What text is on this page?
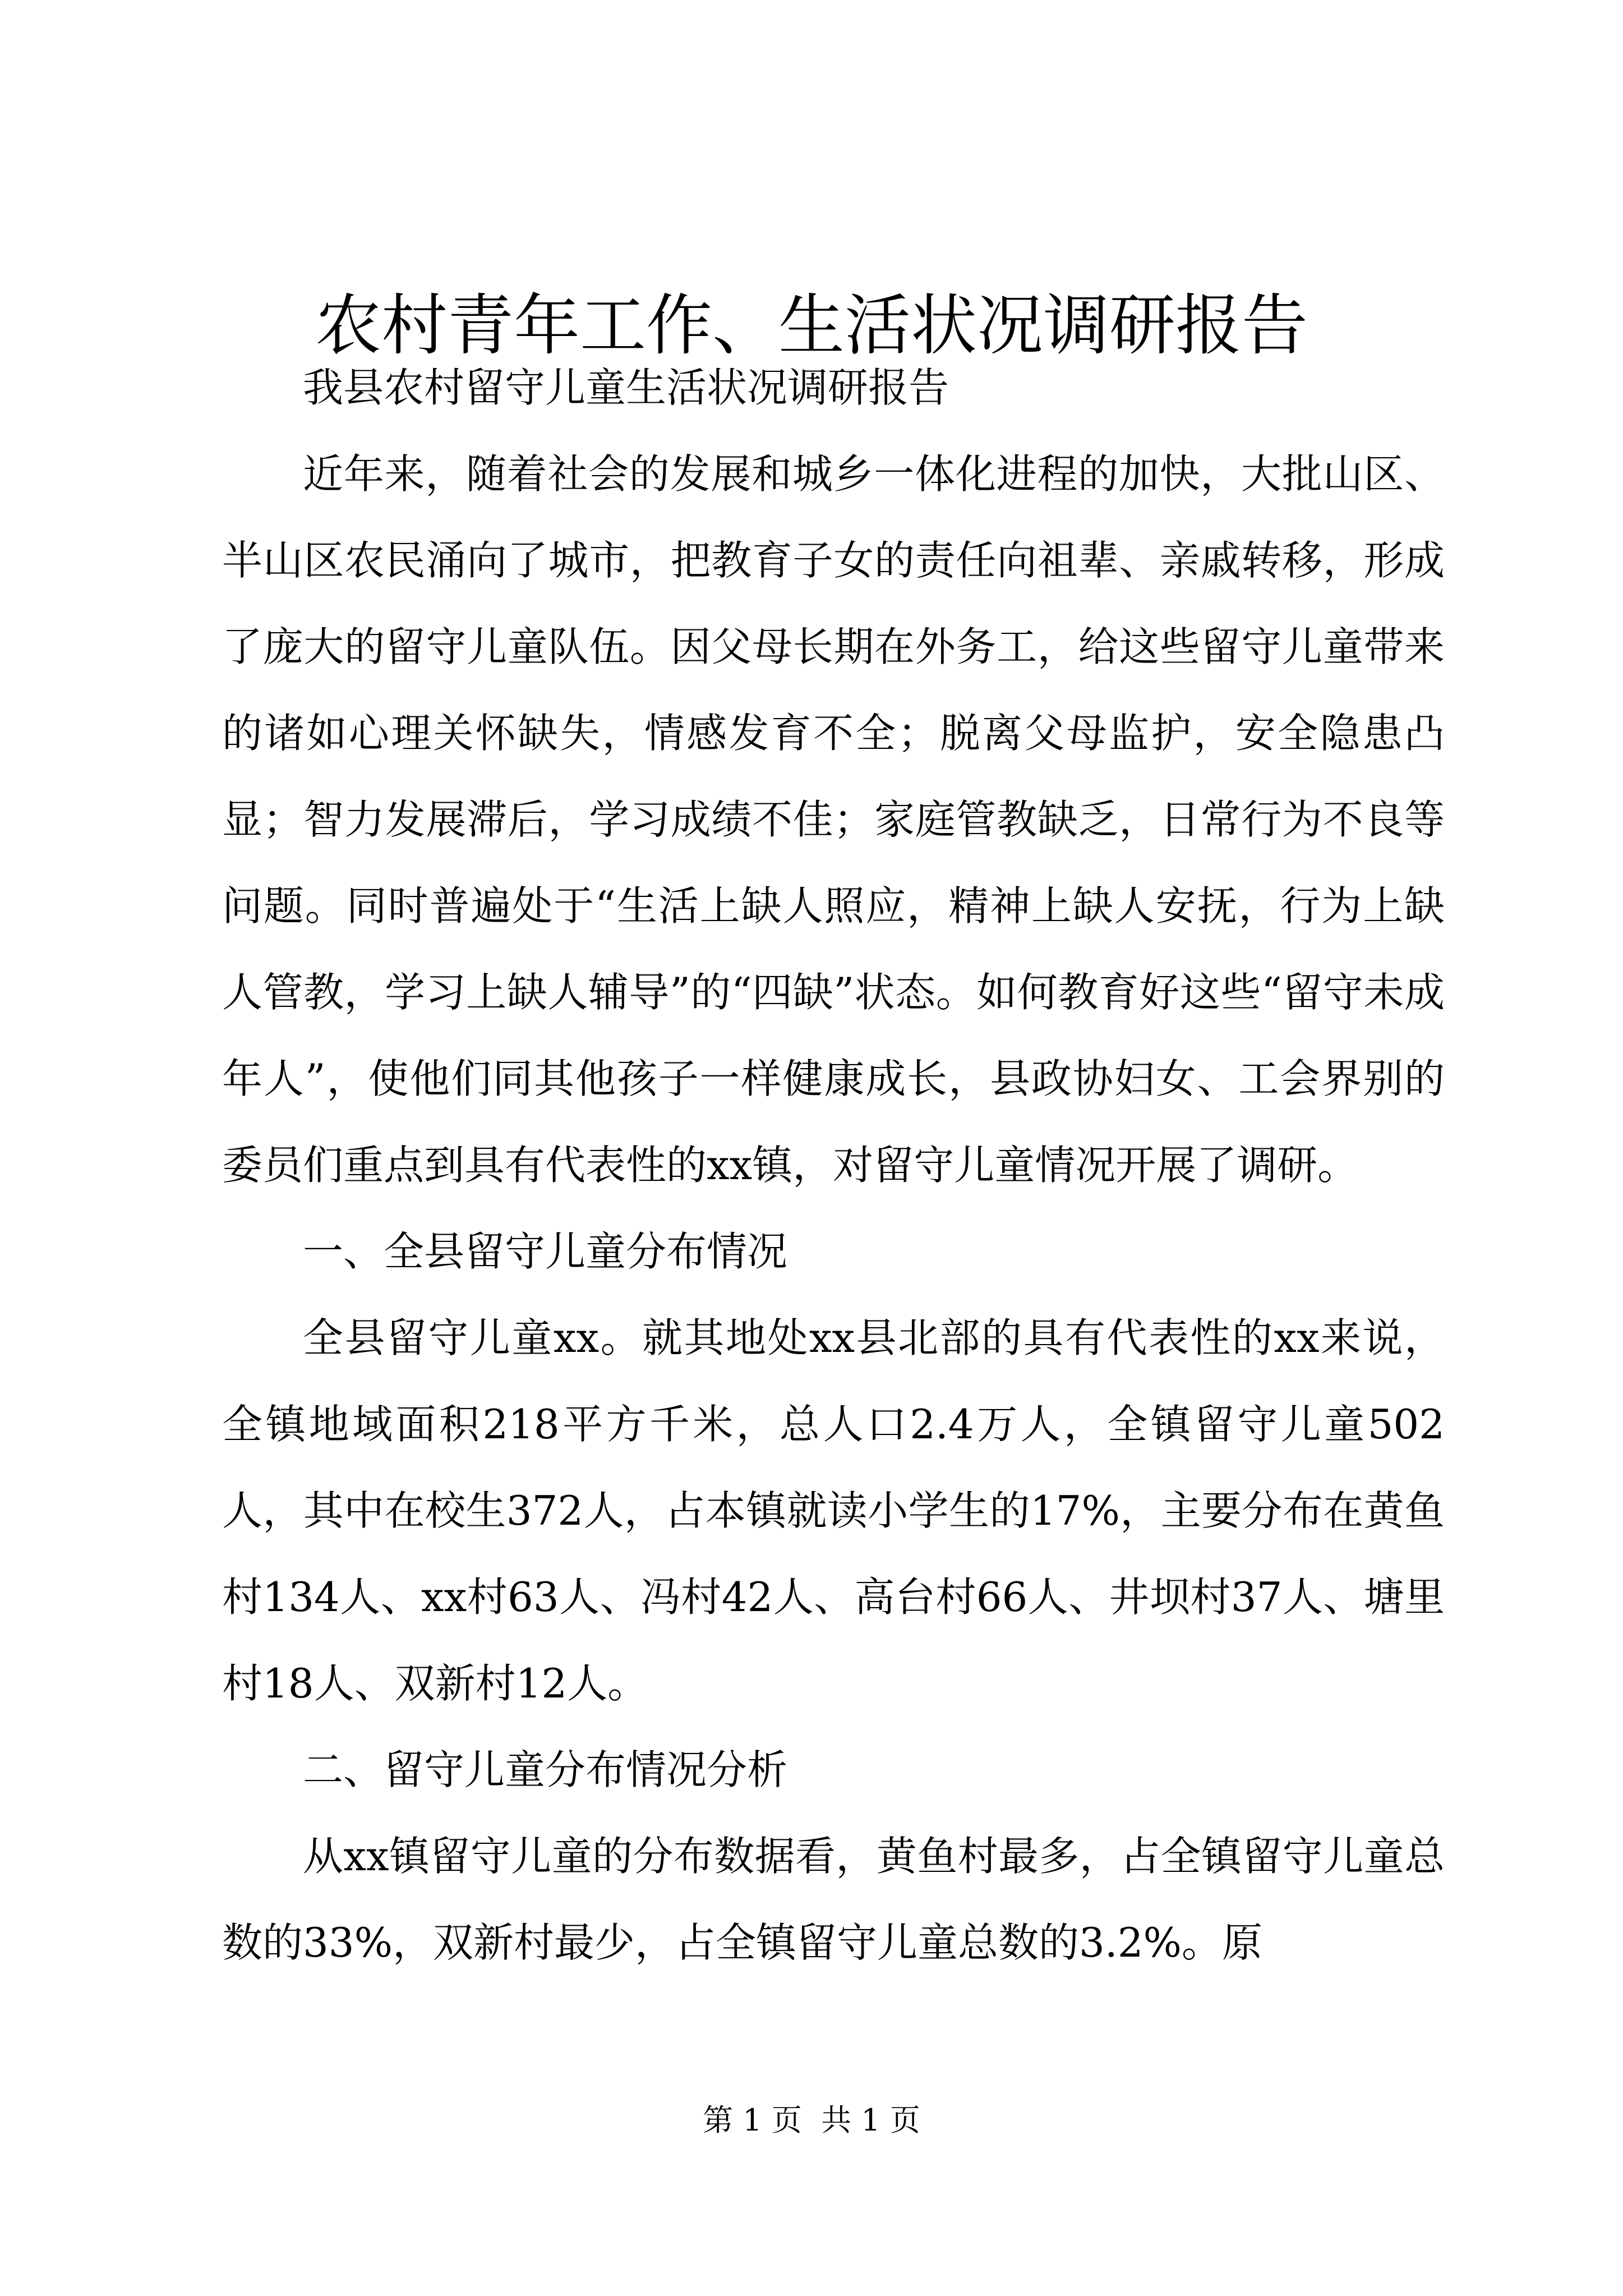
农村青年工作、生活状况调研报告

我县农村留守儿童生活状况调研报告

近年来，随着社会的发展和城乡一体化进程的加快，大批山区、半山区农民涌向了城市，把教育子女的责任向祖辈、亲戚转移，形成了庞大的留守儿童队伍。因父母长期在外务工，给这些留守儿童带来的诸如心理关怀缺失，情感发育不全；脱离父母监护，安全隐患凸显；智力发展滞后，学习成绩不佳；家庭管教缺乏，日常行为不良等问题。同时普遍处于“生活上缺人照应，精神上缺人安抚，行为上缺人管教，学习上缺人辅导”的“四缺”状态。如何教育好这些“留守未成年人”，使他们同其他孩子一样健康成长，县政协妇女、工会界别的委员们重点到具有代表性的xx镇，对留守儿童情况开展了调研。

一、全县留守儿童分布情况

全县留守儿童xx。就其地处xx县北部的具有代表性的xx来说，全镇地域面积218平方千米，总人口2.4万人，全镇留守儿童502人，其中在校生372人，占本镇就读小学生的17%，主要分布在黄鱼村134人、xx村63人、冯村42人、高台村66人、井坝村37人、塘里村18人、双新村12人。

二、留守儿童分布情况分析

从xx镇留守儿童的分布数据看，黄鱼村最多，占全镇留守儿童总数的33%，双新村最少，占全镇留守儿童总数的3.2%。原

第 1 页  共 1 页
